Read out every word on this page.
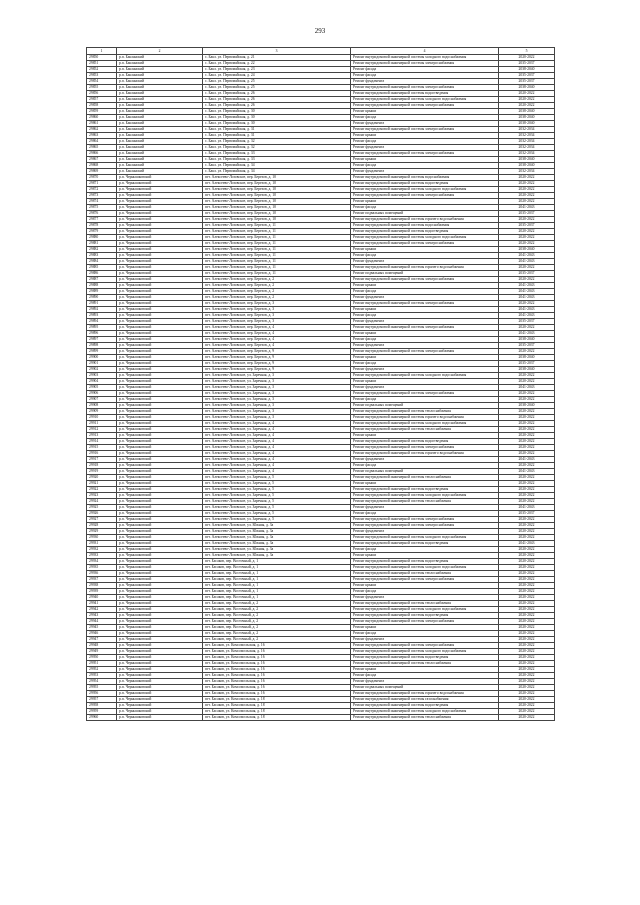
293
1	2	3	4	5
29850	р.п. Баклянский	с. Бакл. ул. Первомайская, д. 21	Ремонт внутридомовой инженерной системы холодного водоснабжения	2020-2022
29851	р.п. Баклянский	с. Бакл. ул. Первомайская, д. 22	Ремонт внутридомовой инженерной системы электроснабжения	2035-2037
29852	р.п. Баклянский	с. Бакл. ул. Первомайская, д. 23	Ремонт фасада	2038-2040
29853	р.п. Баклянский	с. Бакл. ул. Первомайская, д. 24	Ремонт фасада	2035-2037
29854	р.п. Баклянский	с. Бакл. ул. Первомайская, д. 25	Ремонт фундамента	2035-2037
29855	р.п. Баклянский	с. Бакл. ул. Первомайская, д. 25	Ремонт внутридомовой инженерной системы электроснабжения	2038-2040
29856	р.п. Баклянский	с. Бакл. ул. Первомайская, д. 26	Ремонт внутридомовой инженерной системы водоотведения	2020-2022
29857	р.п. Баклянский	с. Бакл. ул. Первомайская, д. 26	Ремонт внутридомовой инженерной системы холодного водоснабжения	2020-2022
29858	р.п. Баклянский	с. Бакл. ул. Первомайская, д. 26	Ремонт внутридомовой инженерной системы электроснабжения	2020-2022
29859	р.п. Баклянский	с. Бакл. ул. Первомайская, д. 30	Ремонт крыши	2038-2040
29860	р.п. Баклянский	с. Бакл. ул. Первомайская, д. 30	Ремонт фасада	2038-2040
29861	р.п. Баклянский	с. Бакл. ул. Первомайская, д. 30	Ремонт фундамента	2038-2040
29862	р.п. Баклянский	с. Бакл. ул. Первомайская, д. 31	Ремонт внутридомовой инженерной системы электроснабжения	2032-2034
29863	р.п. Баклянский	с. Бакл. ул. Первомайская, д. 31	Ремонт крыши	2032-2034
29864	р.п. Баклянский	с. Бакл. ул. Первомайская, д. 32	Ремонт фасада	2032-2034
29865	р.п. Баклянский	с. Бакл. ул. Первомайская, д. 32	Ремонт фундамента	2032-2034
29866	р.п. Баклянский	с. Бакл. ул. Первомайская, д. 33	Ремонт внутридомовой инженерной системы электроснабжения	2032-2034
29867	р.п. Баклянский	с. Бакл. ул. Первомайская, д. 33	Ремонт крыши	2038-2040
29868	р.п. Баклянский	с. Бакл. ул. Первомайская, д. 34	Ремонт фасада	2038-2040
29869	р.п. Баклянский	с. Бакл. ул. Первомайская, д. 34	Ремонт фундамента	2032-2034
29870	р.п. Чернышковский	пгт. Алексеево-Лозовское, пер. Березов, д. 10	Ремонт внутридомовой инженерной системы водоснабжения	2020-2022
29871	р.п. Чернышковский	пгт. Алексеево-Лозовское, пер. Березов, д. 10	Ремонт внутридомовой инженерной системы водоотведения	2020-2022
29872	р.п. Чернышковский	пгт. Алексеево-Лозовское, пер. Березов, д. 10	Ремонт внутридомовой инженерной системы холодного водоснабжения	2020-2022
29873	р.п. Чернышковский	пгт. Алексеево-Лозовское, пер. Березов, д. 10	Ремонт внутридомовой инженерной системы электроснабжения	2020-2022
29874	р.п. Чернышковский	пгт. Алексеево-Лозовское, пер. Березов, д. 10	Ремонт крыши	2020-2022
29875	р.п. Чернышковский	пгт. Алексеево-Лозовское, пер. Березов, д. 10	Ремонт фасада	2041-2043
29876	р.п. Чернышковский	пгт. Алексеево-Лозовское, пер. Березов, д. 10	Ремонт подвальных помещений	2035-2037
29877	р.п. Чернышковский	пгт. Алексеево-Лозовское, пер. Березов, д. 10	Ремонт внутридомовой инженерной системы горячего водоснабжения	2020-2022
29878	р.п. Чернышковский	пгт. Алексеево-Лозовское, пер. Березов, д. 11	Ремонт внутридомовой инженерной системы водоснабжения	2035-2037
29879	р.п. Чернышковский	пгт. Алексеево-Лозовское, пер. Березов, д. 11	Ремонт внутридомовой инженерной системы водоотведения	2020-2022
29880	р.п. Чернышковский	пгт. Алексеево-Лозовское, пер. Березов, д. 11	Ремонт внутридомовой инженерной системы холодного водоснабжения	2020-2022
29881	р.п. Чернышковский	пгт. Алексеево-Лозовское, пер. Березов, д. 11	Ремонт внутридомовой инженерной системы электроснабжения	2020-2022
29882	р.п. Чернышковский	пгт. Алексеево-Лозовское, пер. Березов, д. 11	Ремонт крыши	2038-2040
29883	р.п. Чернышковский	пгт. Алексеево-Лозовское, пер. Березов, д. 11	Ремонт фасада	2041-2043
29884	р.п. Чернышковский	пгт. Алексеево-Лозовское, пер. Березов, д. 11	Ремонт фундамента	2041-2043
29885	р.п. Чернышковский	пгт. Алексеево-Лозовское, пер. Березов, д. 11	Ремонт внутридомовой инженерной системы горячего водоснабжения	2020-2022
29886	р.п. Чернышковский	пгт. Алексеево-Лозовское, пер. Березов, д. 11	Ремонт подвальных помещений	2035-2037
29887	р.п. Чернышковский	пгт. Алексеево-Лозовское, пер. Березов, д. 2	Ремонт внутридомовой инженерной системы электроснабжения	2020-2022
29888	р.п. Чернышковский	пгт. Алексеево-Лозовское, пер. Березов, д. 2	Ремонт крыши	2041-2043
29889	р.п. Чернышковский	пгт. Алексеево-Лозовское, пер. Березов, д. 2	Ремонт фасада	2041-2043
29890	р.п. Чернышковский	пгт. Алексеево-Лозовское, пер. Березов, д. 2	Ремонт фундамента	2041-2043
29891	р.п. Чернышковский	пгт. Алексеево-Лозовское, пер. Березов, д. 3	Ремонт внутридомовой инженерной системы электроснабжения	2020-2022
29892	р.п. Чернышковский	пгт. Алексеево-Лозовское, пер. Березов, д. 3	Ремонт крыши	2041-2043
29893	р.п. Чернышковский	пгт. Алексеево-Лозовское, пер. Березов, д. 3	Ремонт фасада	2041-2043
29894	р.п. Чернышковский	пгт. Алексеево-Лозовское, пер. Березов, д. 3	Ремонт фундамента	2035-2037
29895	р.п. Чернышковский	пгт. Алексеево-Лозовское, пер. Березов, д. 4	Ремонт внутридомовой инженерной системы электроснабжения	2020-2022
29896	р.п. Чернышковский	пгт. Алексеево-Лозовское, пер. Березов, д. 4	Ремонт крыши	2041-2043
29897	р.п. Чернышковский	пгт. Алексеево-Лозовское, пер. Березов, д. 4	Ремонт фасада	2038-2040
29898	р.п. Чернышковский	пгт. Алексеево-Лозовское, пер. Березов, д. 4	Ремонт фундамента	2035-2037
29899	р.п. Чернышковский	пгт. Алексеево-Лозовское, пер. Березов, д. 9	Ремонт внутридомовой инженерной системы электроснабжения	2020-2022
29900	р.п. Чернышковский	пгт. Алексеево-Лозовское, пер. Березов, д. 9	Ремонт крыши	2038-2040
29901	р.п. Чернышковский	пгт. Алексеево-Лозовское, пер. Березов, д. 9	Ремонт фасада	2035-2037
29902	р.п. Чернышковский	пгт. Алексеево-Лозовское, пер. Березов, д. 9	Ремонт фундамента	2038-2040
29903	р.п. Чернышковский	пгт. Алексеево-Лозовское, ул. Заречная, д. 3	Ремонт внутридомовой инженерной системы холодного водоснабжения	2020-2022
29904	р.п. Чернышковский	пгт. Алексеево-Лозовское, ул. Заречная, д. 3	Ремонт крыши	2020-2022
29905	р.п. Чернышковский	пгт. Алексеево-Лозовское, ул. Заречная, д. 3	Ремонт фундамента	2041-2043
29906	р.п. Чернышковский	пгт. Алексеево-Лозовское, ул. Заречная, д. 3	Ремонт внутридомовой инженерной системы электроснабжения	2020-2022
29907	р.п. Чернышковский	пгт. Алексеево-Лозовское, ул. Заречная, д. 3	Ремонт фасада	2020-2022
29908	р.п. Чернышковский	пгт. Алексеево-Лозовское, ул. Заречная, д. 3	Ремонт подвальных помещений	2038-2040
29909	р.п. Чернышковский	пгт. Алексеево-Лозовское, ул. Заречная, д. 3	Ремонт внутридомовой инженерной системы теплоснабжения	2020-2022
29910	р.п. Чернышковский	пгт. Алексеево-Лозовское, ул. Заречная, д. 3	Ремонт внутридомовой инженерной системы горячего водоснабжения	2020-2022
29911	р.п. Чернышковский	пгт. Алексеево-Лозовское, ул. Заречная, д. 4	Ремонт внутридомовой инженерной системы холодного водоснабжения	2020-2022
29912	р.п. Чернышковский	пгт. Алексеево-Лозовское, ул. Заречная, д. 4	Ремонт внутридомовой инженерной системы теплоснабжения	2020-2022
29913	р.п. Чернышковский	пгт. Алексеево-Лозовское, ул. Заречная, д. 4	Ремонт крыши	2020-2022
29914	р.п. Чернышковский	пгт. Алексеево-Лозовское, ул. Заречная, д. 4	Ремонт внутридомовой инженерной системы водоотведения	2020-2022
29915	р.п. Чернышковский	пгт. Алексеево-Лозовское, ул. Заречная, д. 4	Ремонт внутридомовой инженерной системы электроснабжения	2020-2022
29916	р.п. Чернышковский	пгт. Алексеево-Лозовское, ул. Заречная, д. 4	Ремонт внутридомовой инженерной системы горячего водоснабжения	2020-2022
29917	р.п. Чернышковский	пгт. Алексеево-Лозовское, ул. Заречная, д. 4	Ремонт фундамента	2041-2043
29918	р.п. Чернышковский	пгт. Алексеево-Лозовское, ул. Заречная, д. 4	Ремонт фасада	2020-2022
29919	р.п. Чернышковский	пгт. Алексеево-Лозовское, ул. Заречная, д. 4	Ремонт подвальных помещений	2041-2043
29920	р.п. Чернышковский	пгт. Алексеево-Лозовское, ул. Заречная, д. 5	Ремонт внутридомовой инженерной системы теплоснабжения	2020-2022
29921	р.п. Чернышковский	пгт. Алексеево-Лозовское, ул. Заречная, д. 5	Ремонт крыши	2020-2022
29922	р.п. Чернышковский	пгт. Алексеево-Лозовское, ул. Заречная, д. 5	Ремонт внутридомовой инженерной системы водоотведения	2020-2022
29923	р.п. Чернышковский	пгт. Алексеево-Лозовское, ул. Заречная, д. 5	Ремонт внутридомовой инженерной системы холодного водоснабжения	2020-2022
29924	р.п. Чернышковский	пгт. Алексеево-Лозовское, ул. Заречная, д. 5	Ремонт внутридомовой инженерной системы теплоснабжения	2020-2022
29925	р.п. Чернышковский	пгт. Алексеево-Лозовское, ул. Заречная, д. 5	Ремонт фундамента	2041-2043
29926	р.п. Чернышковский	пгт. Алексеево-Лозовское, ул. Заречная, д. 5	Ремонт фасада	2035-2037
29927	р.п. Чернышковский	пгт. Алексеево-Лозовское, ул. Заречная, д. 5	Ремонт внутридомовой инженерной системы электроснабжения	2020-2022
29928	р.п. Чернышковский	пгт. Алексеево-Лозовское, ул. Южная, д. 3а	Ремонт внутридомовой инженерной системы электроснабжения	2020-2022
29929	р.п. Чернышковский	пгт. Алексеево-Лозовское, ул. Южная, д. 3а	Ремонт фундамента	2020-2022
29930	р.п. Чернышковский	пгт. Алексеево-Лозовское, ул. Южная, д. 3а	Ремонт внутридомовой инженерной системы холодного водоснабжения	2020-2022
29931	р.п. Чернышковский	пгт. Алексеево-Лозовское, ул. Южная, д. 3а	Ремонт внутридомовой инженерной системы водоотведения	2041-2043
29932	р.п. Чернышковский	пгт. Алексеево-Лозовское, ул. Южная, д. 3а	Ремонт фасада	2020-2022
29933	р.п. Чернышковский	пгт. Алексеево-Лозовское, ул. Южная, д. 3а	Ремонт крыши	2020-2022
29934	р.п. Чернышковский	пгт. Басаков, пер. Восточный, д. 1	Ремонт внутридомовой инженерной системы водоотведения	2020-2022
29935	р.п. Чернышковский	пгт. Басаков, пер. Восточный, д. 1	Ремонт внутридомовой инженерной системы холодного водоснабжения	2020-2022
29936	р.п. Чернышковский	пгт. Басаков, пер. Восточный, д. 1	Ремонт внутридомовой инженерной системы теплоснабжения	2020-2022
29937	р.п. Чернышковский	пгт. Басаков, пер. Восточный, д. 1	Ремонт внутридомовой инженерной системы электроснабжения	2020-2022
29938	р.п. Чернышковский	пгт. Басаков, пер. Восточный, д. 1	Ремонт крыши	2020-2022
29939	р.п. Чернышковский	пгт. Басаков, пер. Восточный, д. 1	Ремонт фасада	2020-2022
29940	р.п. Чернышковский	пгт. Басаков, пер. Восточный, д. 1	Ремонт фундамента	2020-2022
29941	р.п. Чернышковский	пгт. Басаков, пер. Восточный, д. 2	Ремонт внутридомовой инженерной системы теплоснабжения	2020-2022
29942	р.п. Чернышковский	пгт. Басаков, пер. Восточный, д. 2	Ремонт внутридомовой инженерной системы холодного водоснабжения	2020-2022
29943	р.п. Чернышковский	пгт. Басаков, пер. Восточный, д. 2	Ремонт внутридомовой инженерной системы водоотведения	2020-2022
29944	р.п. Чернышковский	пгт. Басаков, пер. Восточный, д. 2	Ремонт внутридомовой инженерной системы электроснабжения	2020-2022
29945	р.п. Чернышковский	пгт. Басаков, пер. Восточный, д. 2	Ремонт крыши	2020-2022
29946	р.п. Чернышковский	пгт. Басаков, пер. Восточный, д. 2	Ремонт фасада	2020-2022
29947	р.п. Чернышковский	пгт. Басаков, пер. Восточный, д. 2	Ремонт фундамента	2020-2022
29948	р.п. Чернышковский	пгт. Басаков, ул. Комсомольская, д. 16	Ремонт внутридомовой инженерной системы электроснабжения	2020-2022
29949	р.п. Чернышковский	пгт. Басаков, ул. Комсомольская, д. 16	Ремонт внутридомовой инженерной системы холодного водоснабжения	2020-2022
29950	р.п. Чернышковский	пгт. Басаков, ул. Комсомольская, д. 16	Ремонт внутридомовой инженерной системы водоотведения	2020-2022
29951	р.п. Чернышковский	пгт. Басаков, ул. Комсомольская, д. 16	Ремонт внутридомовой инженерной системы теплоснабжения	2020-2022
29952	р.п. Чернышковский	пгт. Басаков, ул. Комсомольская, д. 16	Ремонт крыши	2020-2022
29953	р.п. Чернышковский	пгт. Басаков, ул. Комсомольская, д. 16	Ремонт фасада	2020-2022
29954	р.п. Чернышковский	пгт. Басаков, ул. Комсомольская, д. 16	Ремонт фундамента	2020-2022
29955	р.п. Чернышковский	пгт. Басаков, ул. Комсомольская, д. 16	Ремонт подвальных помещений	2020-2022
29956	р.п. Чернышковский	пгт. Басаков, ул. Комсомольская, д. 16	Ремонт внутридомовой инженерной системы горячего водоснабжения	2020-2022
29957	р.п. Чернышковский	пгт. Басаков, ул. Комсомольская, д. 18	Ремонт внутридомовой инженерной системы газоснабжения	2020-2022
29958	р.п. Чернышковский	пгт. Басаков, ул. Комсомольская, д. 18	Ремонт внутридомовой инженерной системы водоотведения	2020-2022
29959	р.п. Чернышковский	пгт. Басаков, ул. Комсомольская, д. 18	Ремонт внутридомовой инженерной системы холодного водоснабжения	2020-2022
29960	р.п. Чернышковский	пгт. Басаков, ул. Комсомольская, д. 18	Ремонт внутридомовой инженерной системы теплоснабжения	2020-2022
